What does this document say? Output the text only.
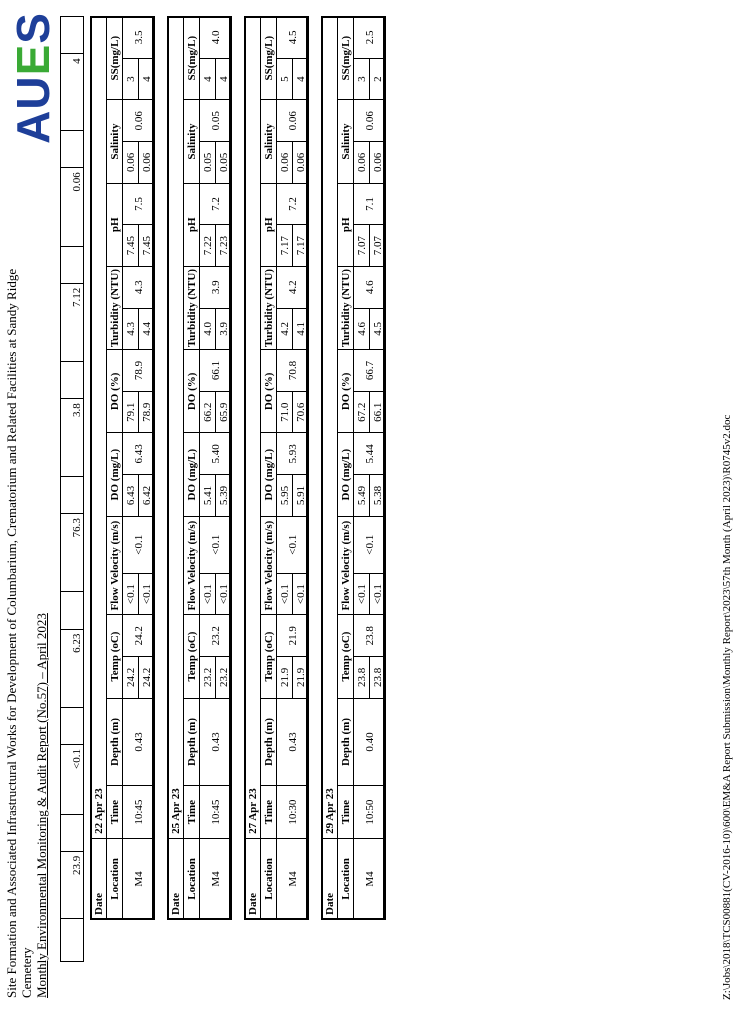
Site Formation and Associated Infrastructural Works for Development of Columbarium, Crematorium and Related Facilities at Sandy Ridge Cemetery Monthly Environmental Monitoring & Audit Report (No.57) – April 2023
AUES
	23.9		<0.1		6.23		76.3		3.8		7.12		0.06		4	
Date	22 Apr 23																	
Location	Time	Depth (m)	Temp (oC)		Flow Velocity (m/s)		DO (mg/L)		DO (%)		Turbidity (NTU)		pH		Salinity		SS(mg/L)	
M4	10:45	0.43	24.2	24.2	<0.1	<0.1	6.43	6.43	79.1	78.9	4.3	4.3	7.45	7.5	0.06	0.06	3	3.5
			24.2		<0.1		6.42		78.9		4.4		7.45		0.06		4	
Date	25 Apr 23																	
Location	Time	Depth (m)	Temp (oC)		Flow Velocity (m/s)		DO (mg/L)		DO (%)		Turbidity (NTU)		pH		Salinity		SS(mg/L)	
M4	10:45	0.43	23.2	23.2	<0.1	<0.1	5.41	5.40	66.2	66.1	4.0	3.9	7.22	7.2	0.05	0.05	4	4.0
			23.2		<0.1		5.39		65.9		3.9		7.23		0.05		4	
Date	27 Apr 23																	
Location	Time	Depth (m)	Temp (oC)		Flow Velocity (m/s)		DO (mg/L)		DO (%)		Turbidity (NTU)		pH		Salinity		SS(mg/L)	
M4	10:30	0.43	21.9	21.9	<0.1	<0.1	5.95	5.93	71.0	70.8	4.2	4.2	7.17	7.2	0.06	0.06	5	4.5
			21.9		<0.1		5.91		70.6		4.1		7.17		0.06		4	
Date	29 Apr 23																	
Location	Time	Depth (m)	Temp (oC)		Flow Velocity (m/s)		DO (mg/L)		DO (%)		Turbidity (NTU)		pH		Salinity		SS(mg/L)	
M4	10:50	0.40	23.8	23.8	<0.1	<0.1	5.49	5.44	67.2	66.7	4.6	4.6	7.07	7.1	0.06	0.06	3	2.5
			23.8		<0.1		5.38		66.1		4.5		7.07		0.06		2	
Z:\Jobs\2018\TCS00881(CV-2016-10)\600\EM&A Report Submission\Monthly Report\2023\57th Month (April 2023)\R0745v2.doc
